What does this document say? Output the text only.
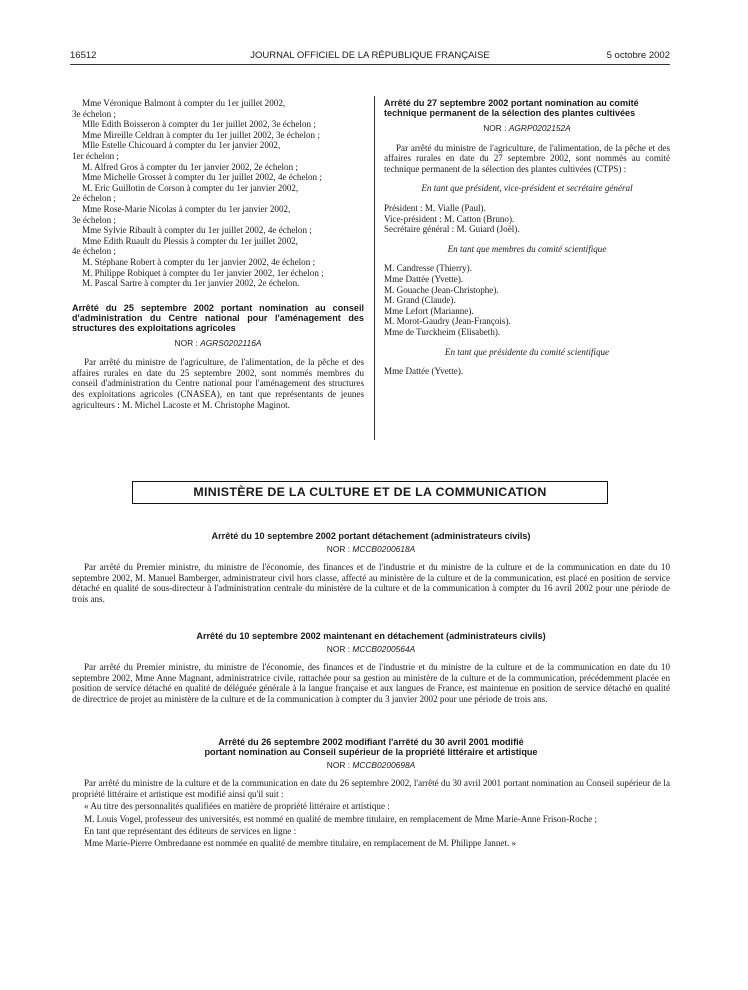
16512	JOURNAL OFFICIEL DE LA RÉPUBLIQUE FRANÇAISE	5 octobre 2002

Mme Véronique Balmont à compter du 1er juillet 2002,

3e échelon ;

Mlle Edith Boisseron à compter du 1er juillet 2002, 3e échelon ;

Mme Mireille Celdran à compter du 1er juillet 2002, 3e échelon ;

Mlle Estelle Chicouard à compter du 1er janvier 2002,

1er échelon ;

M. Alfred Gros à compter du 1er janvier 2002, 2e échelon ;

Mme Michelle Grosset à compter du 1er juillet 2002, 4e échelon ;

M. Eric Guillotin de Corson à compter du 1er janvier 2002,

2e échelon ;

Mme Rose-Marie Nicolas à compter du 1er janvier 2002,

3e échelon ;

Mme Sylvie Ribault à compter du 1er juillet 2002, 4e échelon ;

Mme Edith Ruault du Plessis à compter du 1er juillet 2002,

4e échelon ;

M. Stéphane Robert à compter du 1er janvier 2002, 4e échelon ;

M. Philippe Robiquet à compter du 1er janvier 2002, 1er échelon ;

M. Pascal Sartre à compter du 1er janvier 2002, 2e échelon.

Arrêté du 25 septembre 2002 portant nomination au conseil d'administration du Centre national pour l'aménagement des structures des exploitations agricoles

NOR : AGRS0202116A

Par arrêté du ministre de l'agriculture, de l'alimentation, de la pêche et des affaires rurales en date du 25 septembre 2002, sont nommés membres du conseil d'administration du Centre national pour l'aménagement des structures des exploitations agricoles (CNASEA), en tant que représentants de jeunes agriculteurs : M. Michel Lacoste et M. Christophe Maginot.

Arrêté du 27 septembre 2002 portant nomination au comité technique permanent de la sélection des plantes cultivées

NOR : AGRP0202152A

Par arrêté du ministre de l'agriculture, de l'alimentation, de la pêche et des affaires rurales en date du 27 septembre 2002, sont nommés au comité technique permanent de la sélection des plantes cultivées (CTPS) :

En tant que président, vice-président et secrétaire général

Président : M. Vialle (Paul).

Vice-président : M. Catton (Bruno).

Secrétaire général : M. Guiard (Joël).

En tant que membres du comité scientifique

M. Candresse (Thierry).

Mme Dattée (Yvette).

M. Gouache (Jean-Christophe).

M. Grand (Claude).

Mme Lefort (Marianne).

M. Morot-Gaudry (Jean-François).

Mme de Turckheim (Elisabeth).

En tant que présidente du comité scientifique

Mme Dattée (Yvette).

MINISTÈRE DE LA CULTURE ET DE LA COMMUNICATION

Arrêté du 10 septembre 2002 portant détachement (administrateurs civils)

NOR : MCCB0200618A

Par arrêté du Premier ministre, du ministre de l'économie, des finances et de l'industrie et du ministre de la culture et de la communication en date du 10 septembre 2002, M. Manuel Bamberger, administrateur civil hors classe, affecté au ministère de la culture et de la communication, est placé en position de service détaché en qualité de sous-directeur à l'administration centrale du ministère de la culture et de la communication à compter du 16 avril 2002 pour une période de trois ans.

Arrêté du 10 septembre 2002 maintenant en détachement (administrateurs civils)

NOR : MCCB0200564A

Par arrêté du Premier ministre, du ministre de l'économie, des finances et de l'industrie et du ministre de la culture et de la communication en date du 10 septembre 2002, Mme Anne Magnant, administratrice civile, rattachée pour sa gestion au ministère de la culture et de la communication, précédemment placée en position de service détaché en qualité de déléguée générale à la langue française et aux langues de France, est maintenue en position de service détaché en qualité de directrice de projet au ministère de la culture et de la communication à compter du 3 janvier 2002 pour une période de trois ans.

Arrêté du 26 septembre 2002 modifiant l'arrêté du 30 avril 2001 modifié

portant nomination au Conseil supérieur de la propriété littéraire et artistique

NOR : MCCB0200698A

Par arrêté du ministre de la culture et de la communication en date du 26 septembre 2002, l'arrêté du 30 avril 2001 portant nomination au Conseil supérieur de la propriété littéraire et artistique est modifié ainsi qu'il suit :

« Au titre des personnalités qualifiées en matière de propriété littéraire et artistique :

M. Louis Vogel, professeur des universités, est nommé en qualité de membre titulaire, en remplacement de Mme Marie-Anne Frison-Roche ;

En tant que représentant des éditeurs de services en ligne :

Mme Marie-Pierre Ombredanne est nommée en qualité de membre titulaire, en remplacement de M. Philippe Jannet. »
